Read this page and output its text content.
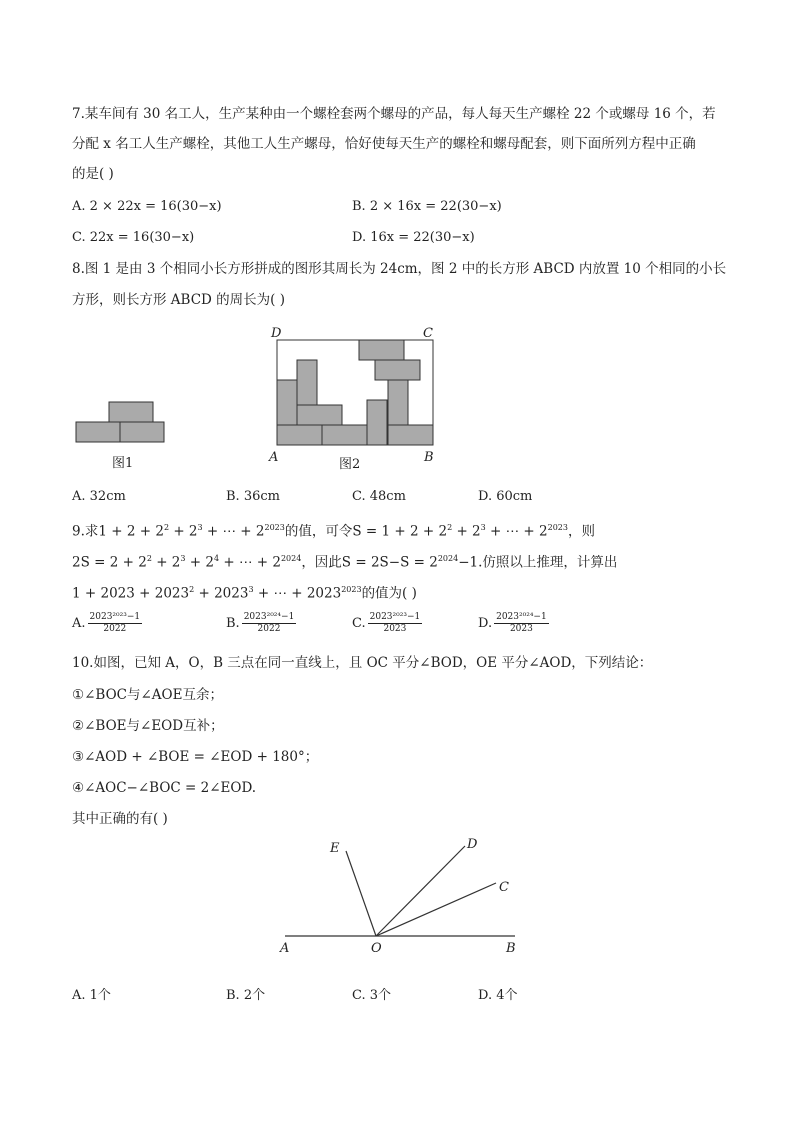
7.某车间有 30 名工人，生产某种由一个螺栓套两个螺母的产品，每人每天生产螺栓 22 个或螺母 16 个，若
分配 x 名工人生产螺栓，其他工人生产螺母，恰好使每天生产的螺栓和螺母配套，则下面所列方程中正确
的是( )
A. 2 × 22x = 16(30−x)	B. 2 × 16x = 22(30−x)
C. 22x = 16(30−x)	D. 16x = 22(30−x)
8.图 1 是由 3 个相同小长方形拼成的图形其周长为 24cm，图 2 中的长方形 ABCD 内放置 10 个相同的小长
方形，则长方形 ABCD 的周长为( )
图1
D	C
A	B
图2
A	O	B
E	D
C
A. 32cm	B. 36cm	C. 48cm	D. 60cm
9.求$1 + 2 + 2^2 + 2^3$ + ⋯ + $2^{2023}$的值，可令$S = 1 + 2 + 2^2 + 2^3$ + ⋯ + $2^{2023}$，则
$2S = 2 + 2^2 + 2^3 + 2^4$ + ⋯ + $2^{2024}$，因此$S = 2S-S = 2^{2024}-1$.仿照以上推理，计算出
$1 + 2023 + 2023^2 + 2023^3$ + ⋯ + $2023^{2023}$的值为( )
A. $\frac{\text{2023²⁰²³−1}}{2022}$	B. $\frac{\text{2023²⁰²⁴−1}}{2022}$	C. $\frac{\text{2023²⁰²³−1}}{2023}$	D. $\frac{\text{2023²⁰²⁴−1}}{2023}$
10.如图，已知 A，O，B 三点在同一直线上，且 OC 平分∠BOD，OE 平分∠AOD，下列结论：
①∠BOC与∠AOE互余；
②∠BOE与∠EOD互补；
③∠AOD + ∠BOE = ∠EOD + 180°；
④∠AOC−∠BOC = 2∠EOD.
其中正确的有( )
A. 1个	B. 2个	C. 3个	D. 4个
